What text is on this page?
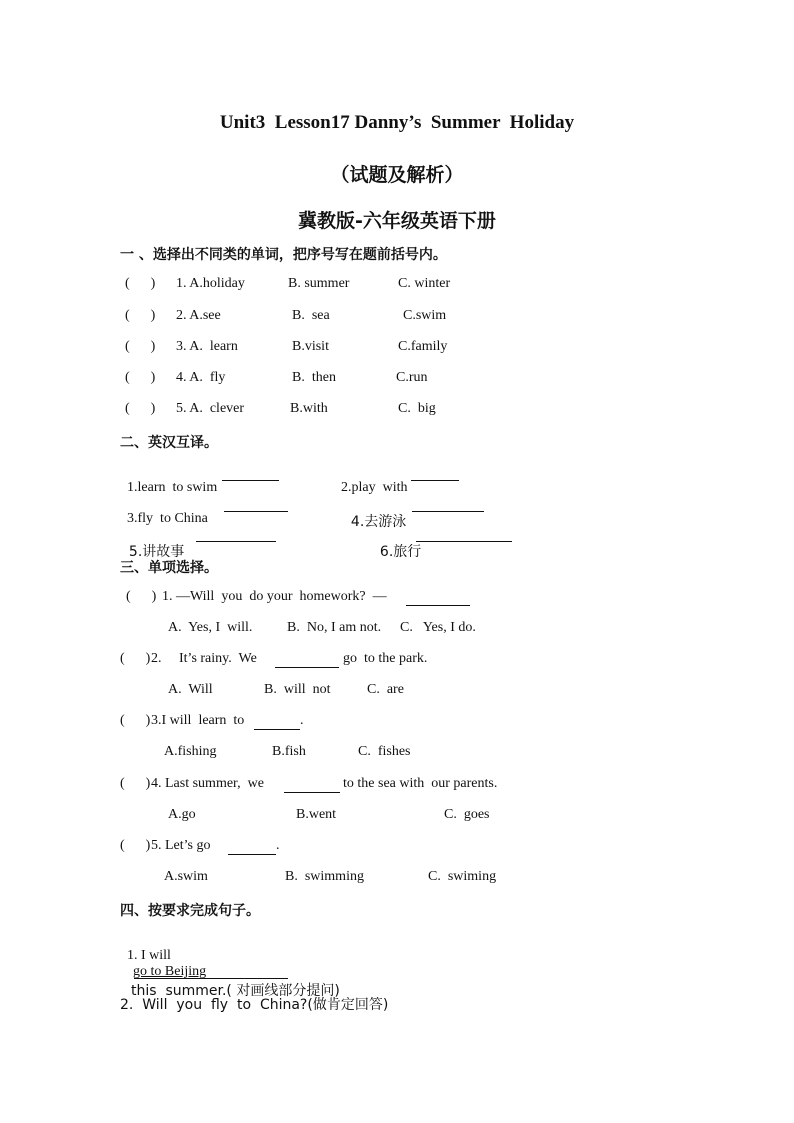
Unit3  Lesson17 Danny’s  Summer  Holiday
（试题及解析）
冀教版-六年级英语下册
一 、选择出不同类的单词，把序号写在题前括号内。
(      ) 1. A.holiday	B. summer	C. winter
(      ) 2. A.see	B.  sea	C.swim
(      ) 3. A.  learn	B.visit	C.family
(      ) 4. A.  fly	B.  then	C.run
(      ) 5. A.  clever	B.with	C.  big
二、英汉互译。

1.learn  to swim	2.play  with

3.fly  to China	4.去游泳

5.讲故事	6.旅行

三、单项选择。
(      ) 1. —Will  you  do your  homework?  —
A.  Yes, I  will. B.  No, I am not. C.   Yes, I do.
(      ) 2.     It’s rainy.  We	go  to the park.
A.  Will	B.  will  not	C.  are
(      ) 3.I will  learn  to	.
A.fishing	B.fish	C.  fishes
(      ) 4. Last summer,  we	to the sea with  our parents.
A.go	B.went	C.  goes
(      ) 5. Let’s go	.
A.swim	B.  swimming	C.  swiming
四、按要求完成句子。

1. I will
go to Beijing
this  summer.( 对画线部分提问)

2.  Will  you  fly  to  China?(做肯定回答)
